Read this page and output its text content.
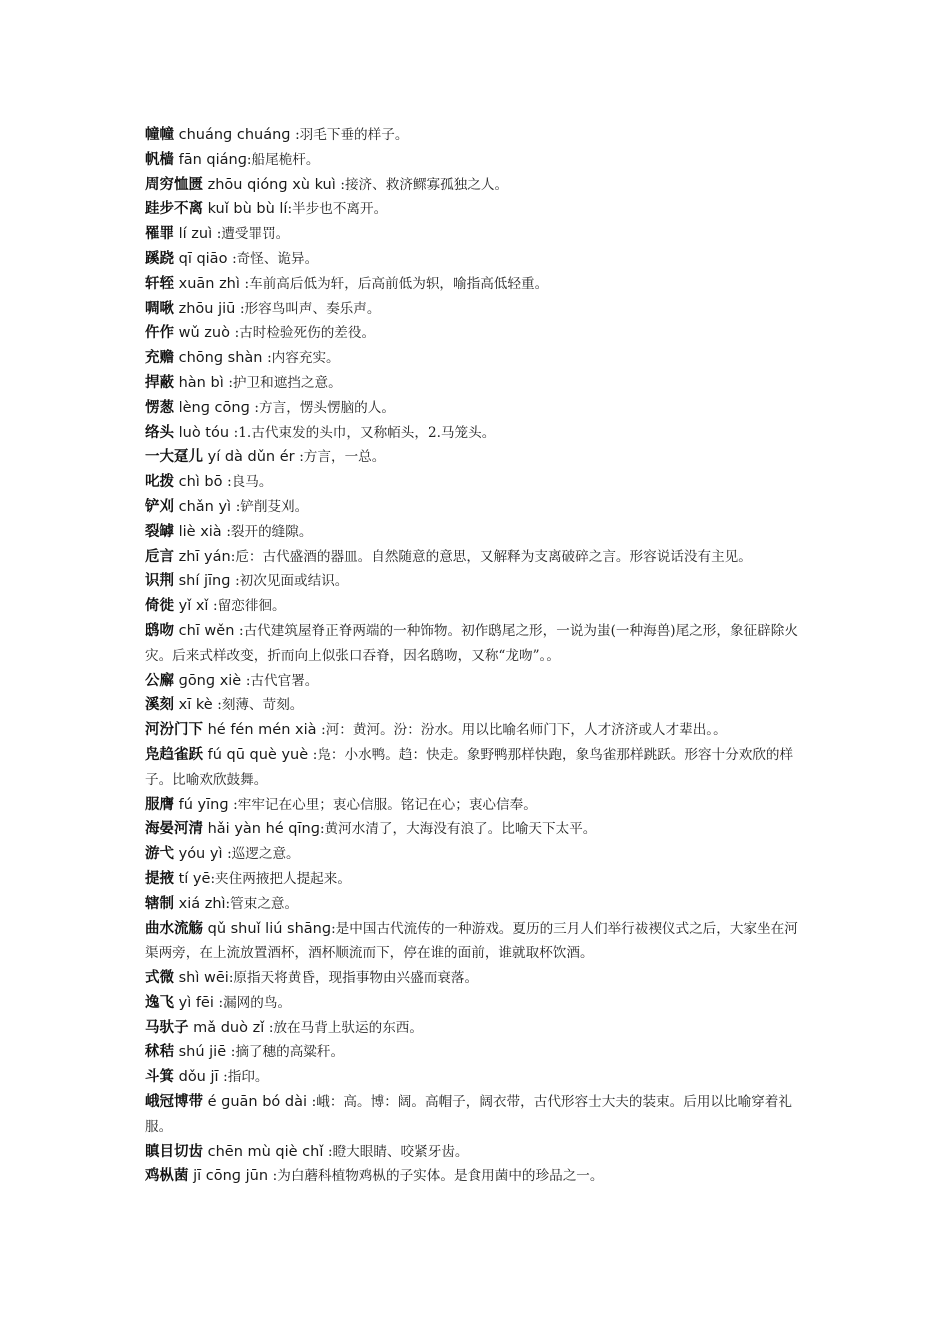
幢幢 chuánɡ chuánɡ :羽毛下垂的样子。

帆樯 fān qiánɡ:船尾桅杆。

周穷恤匮 zhōu qiónɡ xù kuì :接济、救济鳏寡孤独之人。

跬步不离 kuǐ bù bù lí:半步也不离开。

罹罪 lí zuì :遭受罪罚。

蹊跷 qī qiāo :奇怪、诡异。

轩轾 xuān zhì :车前高后低为轩，后高前低为轵，喻指高低轻重。

啁啾 zhōu jiū :形容鸟叫声、奏乐声。

仵作 wǔ zuò :古时检验死伤的差役。

充赡 chōnɡ shàn :内容充实。

捍蔽 hàn bì :护卫和遮挡之意。

愣葱 lènɡ cōnɡ :方言，愣头愣脑的人。

络头 luò tóu :1.古代束发的头巾，又称帞头，2.马笼头。

一大趸儿 yí dà dǔn ér :方言，一总。

叱拨 chì bō :良马。

铲刈 chǎn yì :铲削芟刈。

裂罅 liè xià :裂开的缝隙。

卮言 zhī yán:卮：古代盛酒的器皿。自然随意的意思，又解释为支离破碎之言。形容说话没有主见。

识荆 shí jīnɡ :初次见面或结识。

倚徙 yǐ xǐ :留恋徘徊。

鸱吻 chī wěn :古代建筑屋脊正脊两端的一种饰物。初作鸱尾之形，一说为蚩(一种海兽)尾之形，象征辟除火灾。后来式样改变，折而向上似张口吞脊，因名鸱吻，又称“龙吻”。。

公廨 ɡōnɡ xiè :古代官署。

溪刻 xī kè :刻薄、苛刻。

河汾门下 hé fén mén xià :河：黄河。汾：汾水。用以比喻名师门下，人才济济或人才辈出。。

凫趋雀跃 fú qū què yuè :凫：小水鸭。趋：快走。象野鸭那样快跑，象鸟雀那样跳跃。形容十分欢欣的样子。比喻欢欣鼓舞。

服膺 fú yīnɡ :牢牢记在心里；衷心信服。铭记在心；衷心信奉。

海晏河清 hǎi yàn hé qīnɡ:黄河水清了，大海没有浪了。比喻天下太平。

游弋 yóu yì :巡逻之意。

提掖 tí yē:夹住两掖把人提起来。

辖制 xiá zhì:管束之意。

曲水流觞 qǔ shuǐ liú shānɡ:是中国古代流传的一种游戏。夏历的三月人们举行祓禊仪式之后，大家坐在河渠两旁，在上流放置酒杯，酒杯顺流而下，停在谁的面前，谁就取杯饮酒。

式微 shì wēi:原指天将黄昏，现指事物由兴盛而衰落。

逸飞 yì fēi :漏网的鸟。

马驮子 mǎ duò zǐ :放在马背上驮运的东西。

秫秸 shú jiē :摘了穗的高粱秆。

斗箕 dǒu jī :指印。

峨冠博带 é ɡuān bó dài :峨：高。博：阔。高帽子，阔衣带，古代形容士大夫的装束。后用以比喻穿着礼服。

瞋目切齿 chēn mù qiè chǐ :瞪大眼睛、咬紧牙齿。

鸡枞菌 jī cōnɡ jūn :为白蘑科植物鸡枞的子实体。是食用菌中的珍品之一。
